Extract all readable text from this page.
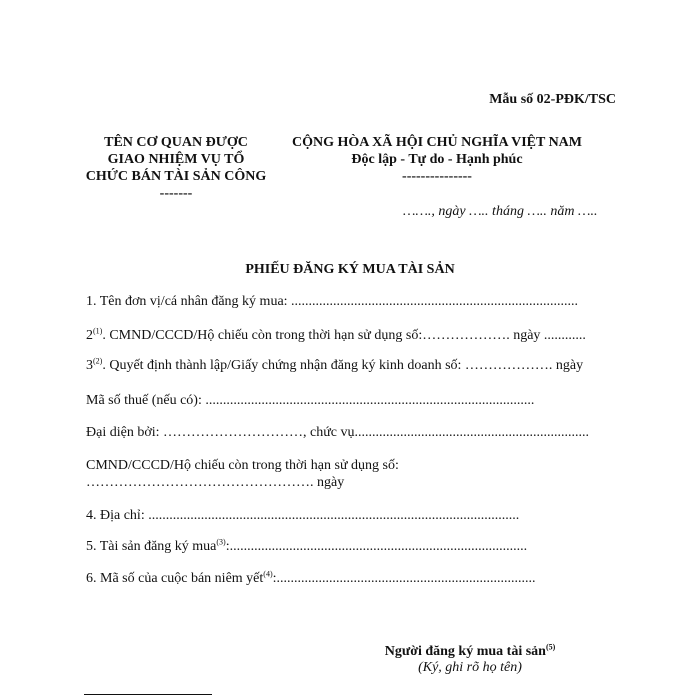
Mẫu số 02-PĐK/TSC
TÊN CƠ QUAN ĐƯỢC
GIAO NHIỆM VỤ TỔ
CHỨC BÁN TÀI SẢN CÔNG
-------
CỘNG HÒA XÃ HỘI CHỦ NGHĨA VIỆT NAM
Độc lập - Tự do - Hạnh phúc
---------------
……., ngày ….. tháng ….. năm …..
PHIẾU ĐĂNG KÝ MUA TÀI SẢN
1. Tên đơn vị/cá nhân đăng ký mua: ..................................................................................
2$^{(1)}$. CMND/CCCD/Hộ chiếu còn trong thời hạn sử dụng số:………………. ngày ............
3$^{(2)}$. Quyết định thành lập/Giấy chứng nhận đăng ký kinh doanh số: ………………. ngày
Mã số thuế (nếu có): ..............................................................................................
Đại diện bởi: …………………………, chức vụ...................................................................
CMND/CCCD/Hộ chiếu còn trong thời hạn sử dụng số:
…………………………………………. ngày
4. Địa chỉ: ..........................................................................................................
5. Tài sản đăng ký mua$^{(3)}$:.....................................................................................
6. Mã số của cuộc bán niêm yết$^{(4)}$:..........................................................................
Người đăng ký mua tài sản$^{(5)}$
(Ký, ghi rõ họ tên)
